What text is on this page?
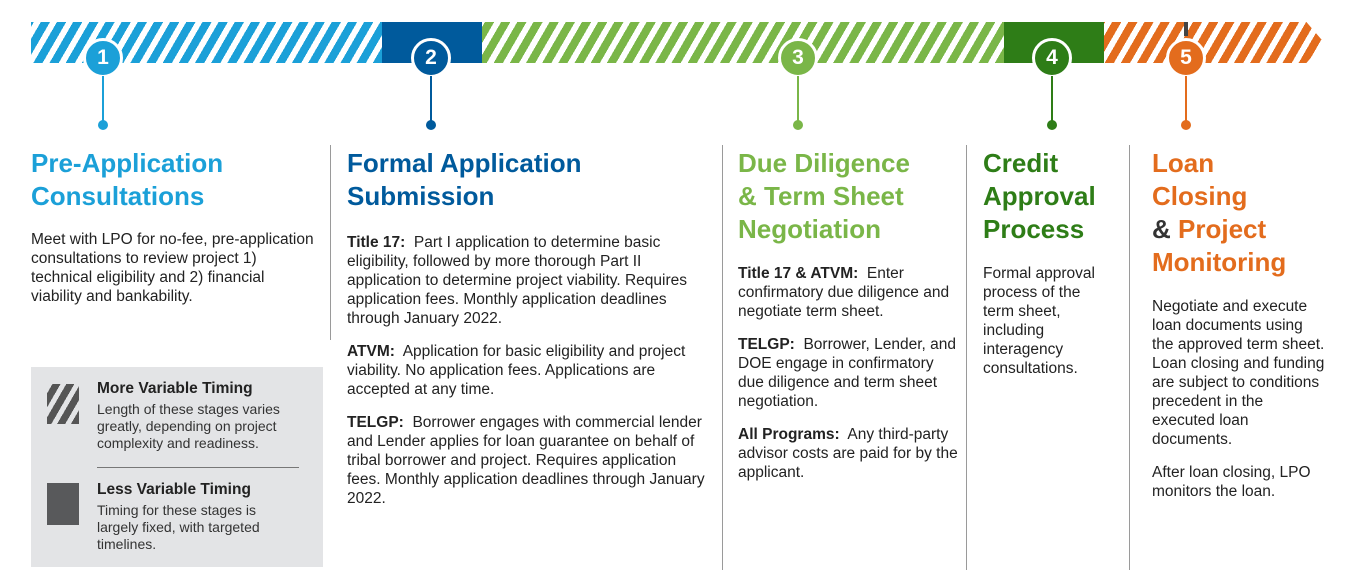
1	2	3	4	5
Pre-Application
Consultations

Meet with LPO for no-fee, pre-application consultations to review project 1) technical eligibility and 2) financial viability and bankability.

Formal Application
Submission

Title 17: Part I application to determine basic eligibility, followed by more thorough Part II application to determine project viability. Requires application fees. Monthly application deadlines through January 2022.

ATVM: Application for basic eligibility and project viability. No application fees. Applications are accepted at any time.

TELGP: Borrower engages with commercial lender and Lender applies for loan guarantee on behalf of tribal borrower and project. Requires application fees. Monthly application deadlines through January 2022.

Due Diligence
& Term Sheet
Negotiation

Title 17 & ATVM: Enter confirmatory due diligence and negotiate term sheet.

TELGP: Borrower, Lender, and DOE engage in confirmatory due diligence and term sheet negotiation.

All Programs: Any third-party advisor costs are paid for by the applicant.

Credit
Approval
Process

Formal approval process of the term sheet, including interagency consultations.

Loan
Closing
& Project
Monitoring

Negotiate and execute loan documents using the approved term sheet. Loan closing and funding are subject to conditions precedent in the executed loan documents.

After loan closing, LPO monitors the loan.

More Variable Timing
Length of these stages varies greatly, depending on project complexity and readiness.
Less Variable Timing
Timing for these stages is largely fixed, with targeted timelines.
